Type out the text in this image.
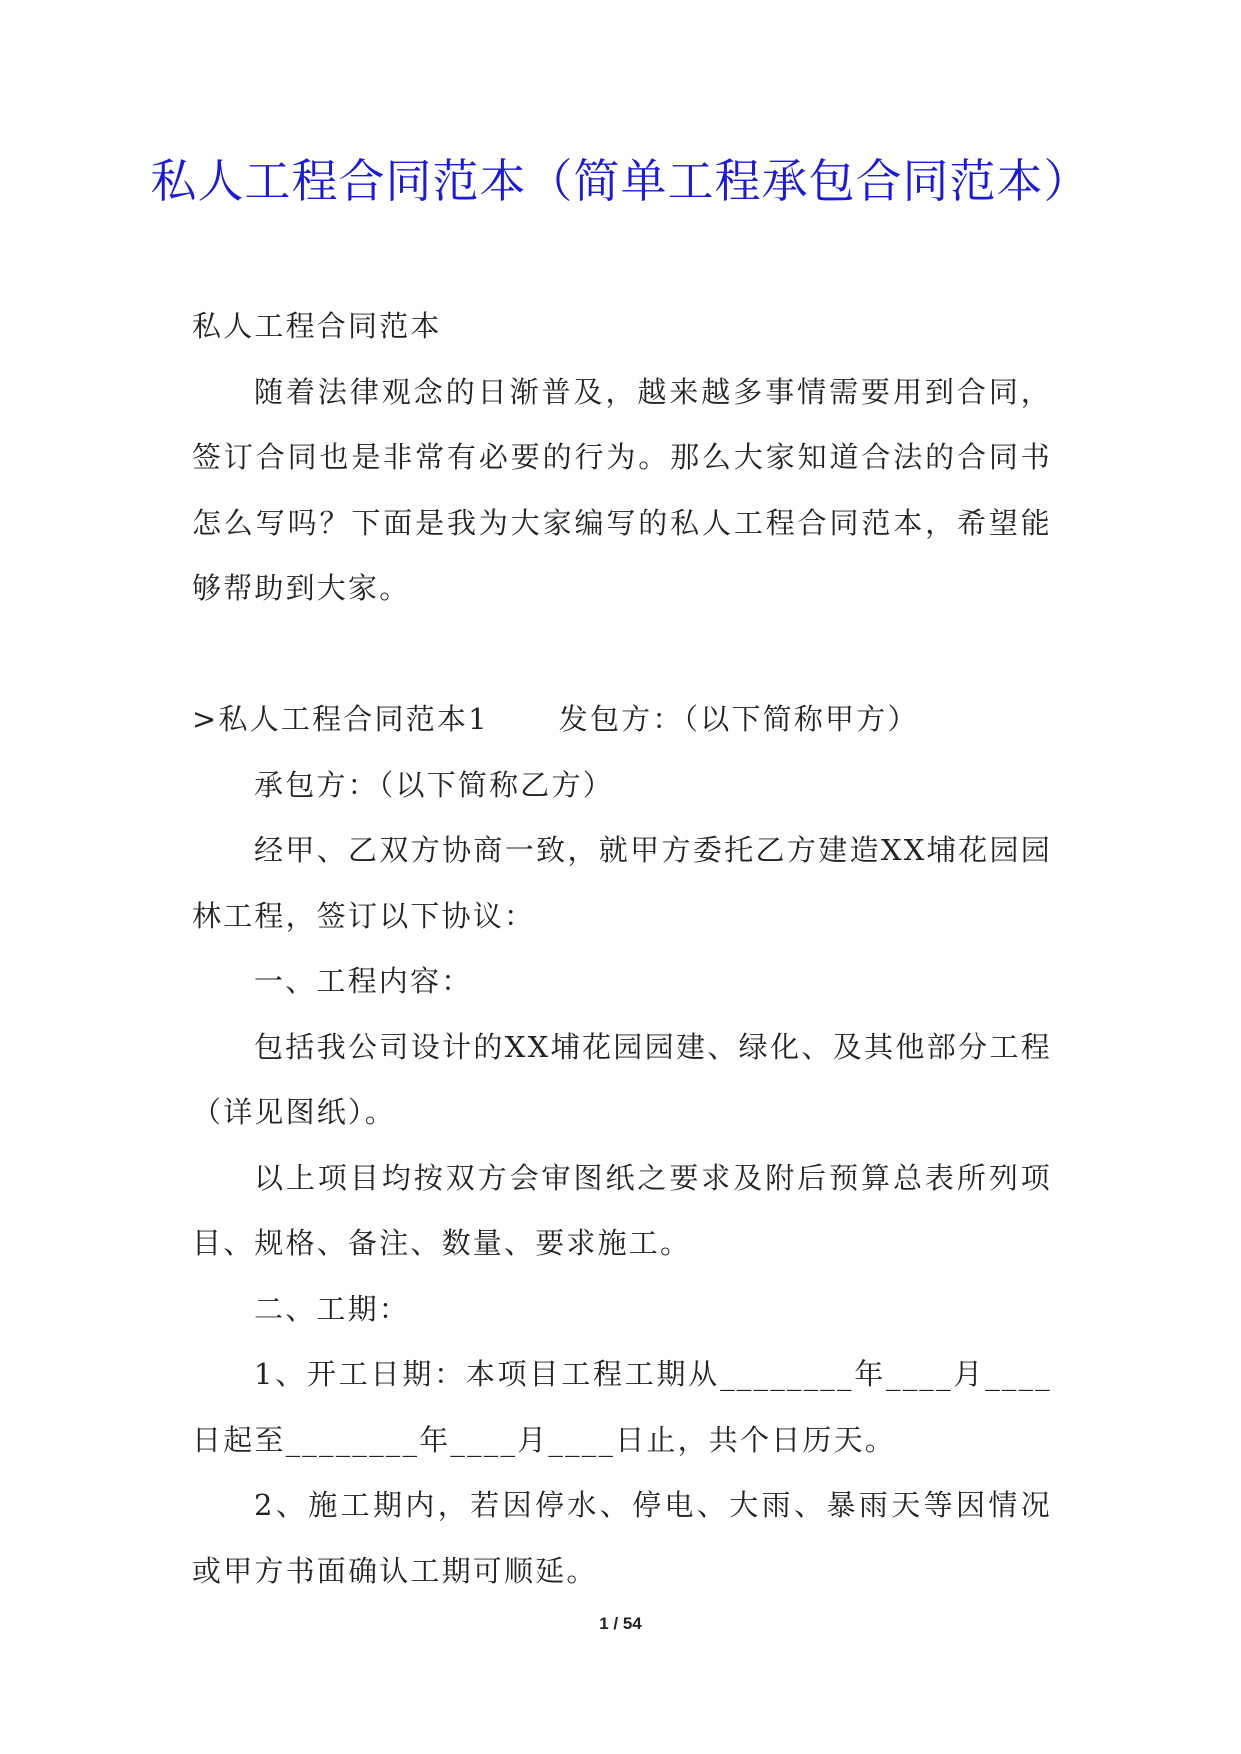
私人工程合同范本（简单工程承包合同范本）

私人工程合同范本

随着法律观念的日渐普及，越来越多事情需要用到合同，签订合同也是非常有必要的行为。那么大家知道合法的合同书怎么写吗？下面是我为大家编写的私人工程合同范本，希望能够帮助到大家。

>私人工程合同范本1 发包方：（以下简称甲方）

承包方：（以下简称乙方）

经甲、乙双方协商一致，就甲方委托乙方建造XX埔花园园林工程，签订以下协议：

一、工程内容：

包括我公司设计的XX埔花园园建、绿化、及其他部分工程（详见图纸）。

以上项目均按双方会审图纸之要求及附后预算总表所列项目、规格、备注、数量、要求施工。

二、工期：

1、开工日期：本项目工程工期从________年____月____日起至________年____月____日止，共个日历天。

2、施工期内，若因停水、停电、大雨、暴雨天等因情况或甲方书面确认工期可顺延。

1 / 54
